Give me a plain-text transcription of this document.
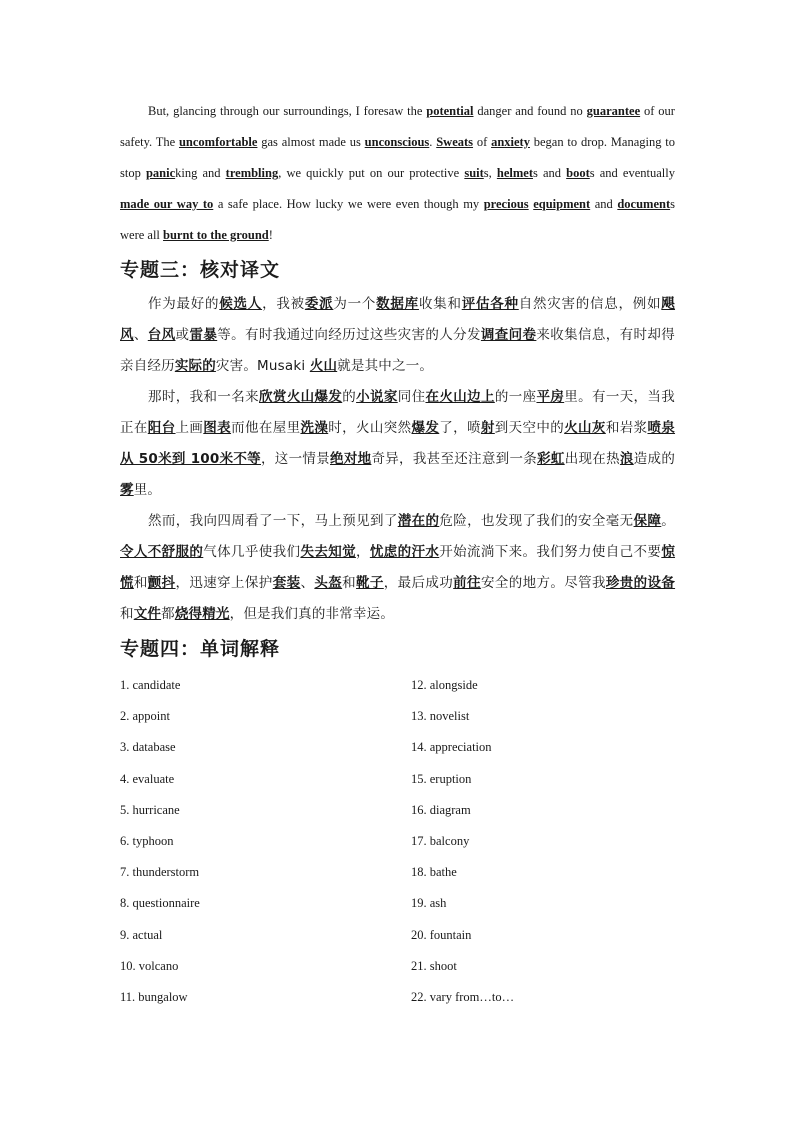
But, glancing through our surroundings, I foresaw the potential danger and found no guarantee of our safety. The uncomfortable gas almost made us unconscious. Sweats of anxiety began to drop. Managing to stop panicking and trembling, we quickly put on our protective suits, helmets and boots and eventually made our way to a safe place. How lucky we were even though my precious equipment and documents were all burnt to the ground!

专题三：核对译文

作为最好的候选人，我被委派为一个数据库收集和评估各种自然灾害的信息，例如飓风、台风或雷暴等。有时我通过向经历过这些灾害的人分发调查问卷来收集信息，有时却得亲自经历实际的灾害。Musaki 火山就是其中之一。

那时，我和一名来欣赏火山爆发的小说家同住在火山边上的一座平房里。有一天，当我正在阳台上画图表而他在屋里洗澡时，火山突然爆发了，喷射到天空中的火山灰和岩浆喷泉从 50米到 100米不等，这一情景绝对地奇异，我甚至还注意到一条彩虹出现在热浪造成的雾里。

然而，我向四周看了一下，马上预见到了潜在的危险，也发现了我们的安全毫无保障。令人不舒服的气体几乎使我们失去知觉，忧虑的汗水开始流淌下来。我们努力使自己不要惊慌和颤抖，迅速穿上保护套装、头盔和靴子，最后成功前往安全的地方。尽管我珍贵的设备和文件都烧得精光，但是我们真的非常幸运。

专题四：单词解释
1. candidate
2. appoint
3. database
4. evaluate
5. hurricane
6. typhoon
7. thunderstorm
8. questionnaire
9. actual
10. volcano
11. bungalow
12. alongside
13. novelist
14. appreciation
15. eruption
16. diagram
17. balcony
18. bathe
19. ash
20. fountain
21. shoot
22. vary from…to…
